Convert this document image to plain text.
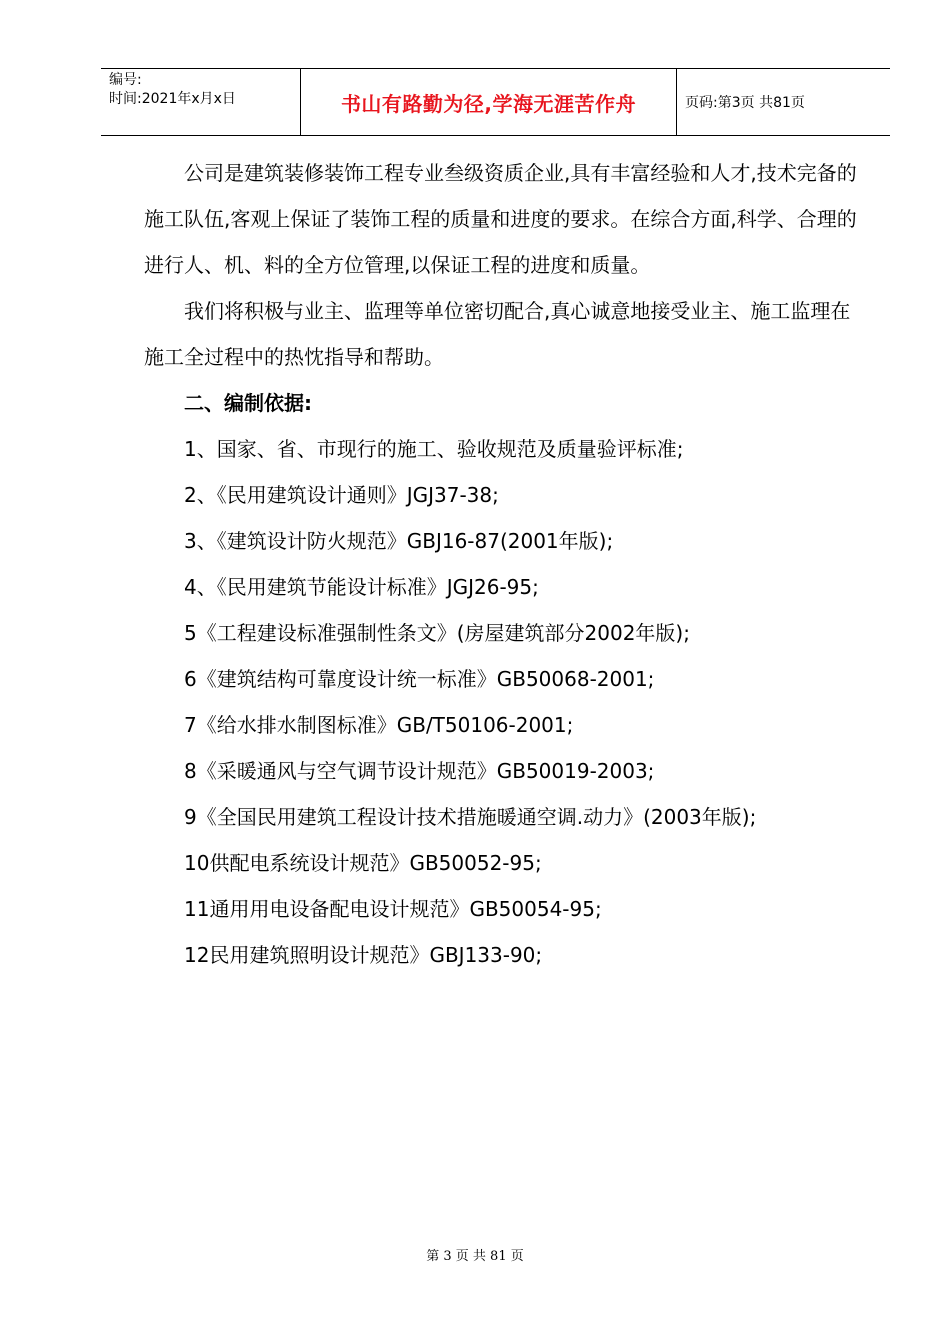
编号:
时间:2021年x月x日	书山有路勤为径,学海无涯苦作舟	页码:第3页 共81页

公司是建筑装修装饰工程专业叁级资质企业,具有丰富经验和人才,技术完备的施工队伍,客观上保证了装饰工程的质量和进度的要求。在综合方面,科学、合理的进行人、机、料的全方位管理,以保证工程的进度和质量。

我们将积极与业主、监理等单位密切配合,真心诚意地接受业主、施工监理在施工全过程中的热忱指导和帮助。

二、编制依据:

1、国家、省、市现行的施工、验收规范及质量验评标准;

2、《民用建筑设计通则》JGJ37-38;

3、《建筑设计防火规范》GBJ16-87(2001年版);

4、《民用建筑节能设计标准》JGJ26-95;

5《工程建设标准强制性条文》(房屋建筑部分2002年版);

6《建筑结构可靠度设计统一标准》GB50068-2001;

7《给水排水制图标准》GB/T50106-2001;

8《采暖通风与空气调节设计规范》GB50019-2003;

9《全国民用建筑工程设计技术措施暖通空调.动力》(2003年版);

10供配电系统设计规范》GB50052-95;

11通用用电设备配电设计规范》GB50054-95;

12民用建筑照明设计规范》GBJ133-90;

第 3 页 共 81 页
